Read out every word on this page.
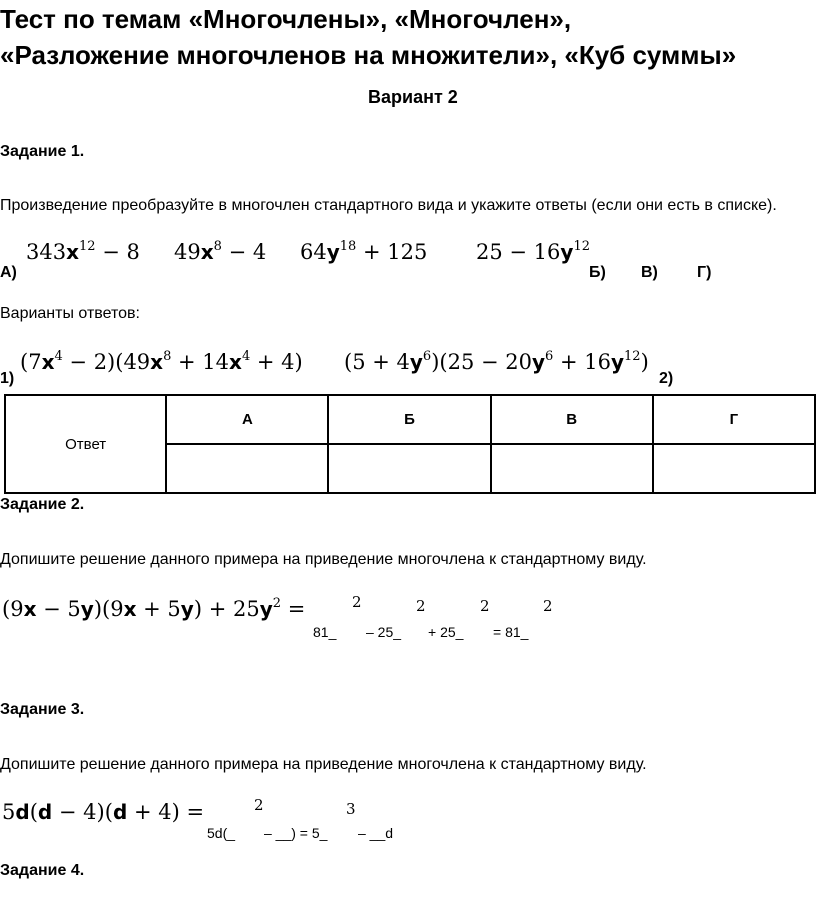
Тест по темам «Многочлены», «Многочлен»,
«Разложение многочленов на множители», «Куб суммы»
Вариант 2
Задание 1.
Произведение преобразуйте в многочлен стандартного вида и укажите ответы (если они есть в списке).
А)
$343x^{12} - 8$ $49x^8 - 4$ $64y^{18} + 125$ $25 - 16y^{12}$
Б) В) Г)
Варианты ответов:
1)
$(7x^4 - 2)(49x^8 + 14x^4 + 4) (5 + 4y^6)(25 - 20y^6 + 16y^{12})$
2)
Ответ	А	Б	В	Г

Задание 2.
Допишите решение данного примера на приведение многочлена к стандартному виду.
$(9x - 5y)(9x + 5y) + 25y^2$ =	2	2	2	2
81_ – 25_ + 25_ = 81_
Задание 3.
Допишите решение данного примера на приведение многочлена к стандартному виду.
5d(d − 4)(d + 4) =	2	3
5d(_ – __) = 5_ – __d
Задание 4.
